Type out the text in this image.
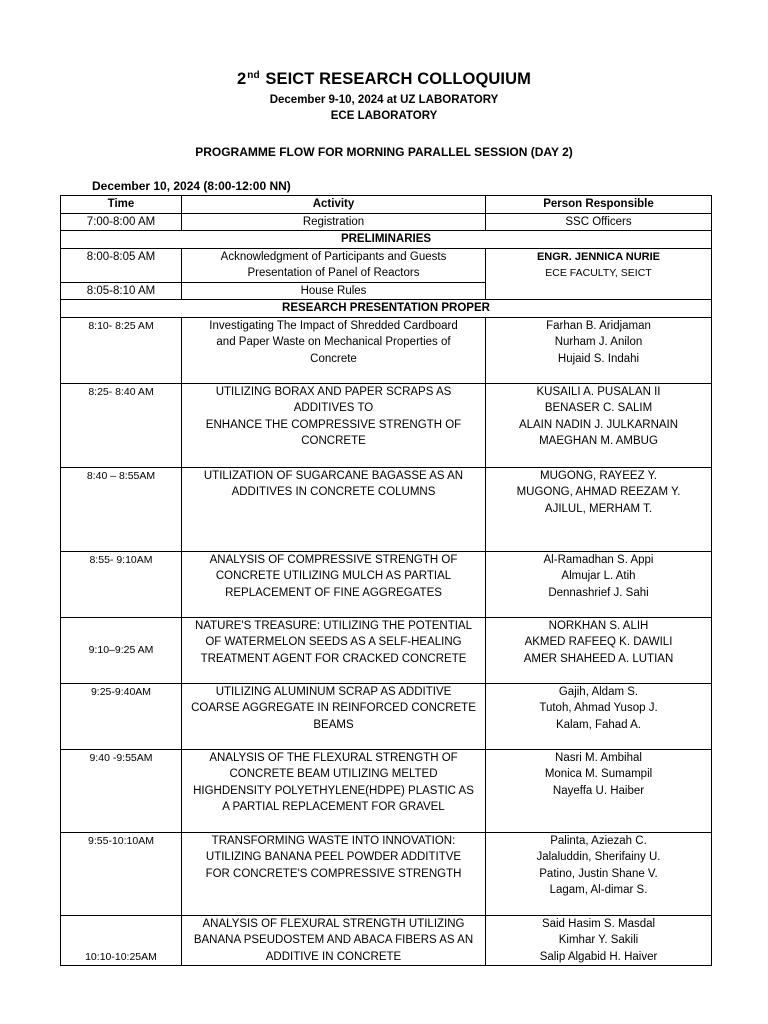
2nd SEICT RESEARCH COLLOQUIUM
December 9-10, 2024 at UZ LABORATORY
ECE LABORATORY
PROGRAMME FLOW FOR MORNING PARALLEL SESSION (DAY 2)
December 10, 2024 (8:00-12:00 NN)
Time	Activity	Person Responsible
7:00-8:00 AM	Registration	SSC Officers
PRELIMINARIES		
8:00-8:05 AM	Acknowledgment of Participants and Guests
Presentation of Panel of Reactors	ENGR. JENNICA NURIE
ECE FACULTY, SEICT

8:05-8:10 AM	House Rules	
RESEARCH PRESENTATION PROPER		
8:10- 8:25 AM	Investigating The Impact of Shredded Cardboard
and Paper Waste on Mechanical Properties of
Concrete	Farhan B. Aridjaman
Nurham J. Anilon
Hujaid S. Indahi

8:25- 8:40 AM	UTILIZING BORAX AND PAPER SCRAPS AS
ADDITIVES TO
ENHANCE THE COMPRESSIVE STRENGTH OF
CONCRETE	KUSAILI A. PUSALAN II
BENASER C. SALIM
ALAIN NADIN J. JULKARNAIN
MAEGHAN M. AMBUG

8:40 – 8:55AM	UTILIZATION OF SUGARCANE BAGASSE AS AN
ADDITIVES IN CONCRETE COLUMNS	MUGONG, RAYEEZ Y.
MUGONG, AHMAD REEZAM Y.
AJILUL, MERHAM T.

8:55- 9:10AM	ANALYSIS OF COMPRESSIVE STRENGTH OF
CONCRETE UTILIZING MULCH AS PARTIAL
REPLACEMENT OF FINE AGGREGATES	Al-Ramadhan S. Appi
Almujar L. Atih
Dennashrief J. Sahi

9:10–9:25 AM	NATURE'S TREASURE: UTILIZING THE POTENTIAL
OF WATERMELON SEEDS AS A SELF-HEALING
TREATMENT AGENT FOR CRACKED CONCRETE	NORKHAN S. ALIH
AKMED RAFEEQ K. DAWILI
AMER SHAHEED A. LUTIAN

9:25-9:40AM	UTILIZING ALUMINUM SCRAP AS ADDITIVE
COARSE AGGREGATE IN REINFORCED CONCRETE
BEAMS	Gajih, Aldam S.
Tutoh, Ahmad Yusop J.
Kalam, Fahad A.

9:40 -9:55AM	ANALYSIS OF THE FLEXURAL STRENGTH OF
CONCRETE BEAM UTILIZING MELTED
HIGHDENSITY POLYETHYLENE(HDPE) PLASTIC AS
A PARTIAL REPLACEMENT FOR GRAVEL	Nasri M. Ambihal
Monica M. Sumampil
Nayeffa U. Haiber

9:55-10:10AM	TRANSFORMING WASTE INTO INNOVATION:
UTILIZING BANANA PEEL POWDER ADDITITVE
FOR CONCRETE'S COMPRESSIVE STRENGTH	Palinta, Aziezah C.
Jalaluddin, Sherifainy U.
Patino, Justin Shane V.
Lagam, Al-dimar S.

10:10-10:25AM	ANALYSIS OF FLEXURAL STRENGTH UTILIZING
BANANA PSEUDOSTEM AND ABACA FIBERS AS AN
ADDITIVE IN CONCRETE	Said Hasim S. Masdal
Kimhar Y. Sakili
Salip Algabid H. Haiver
